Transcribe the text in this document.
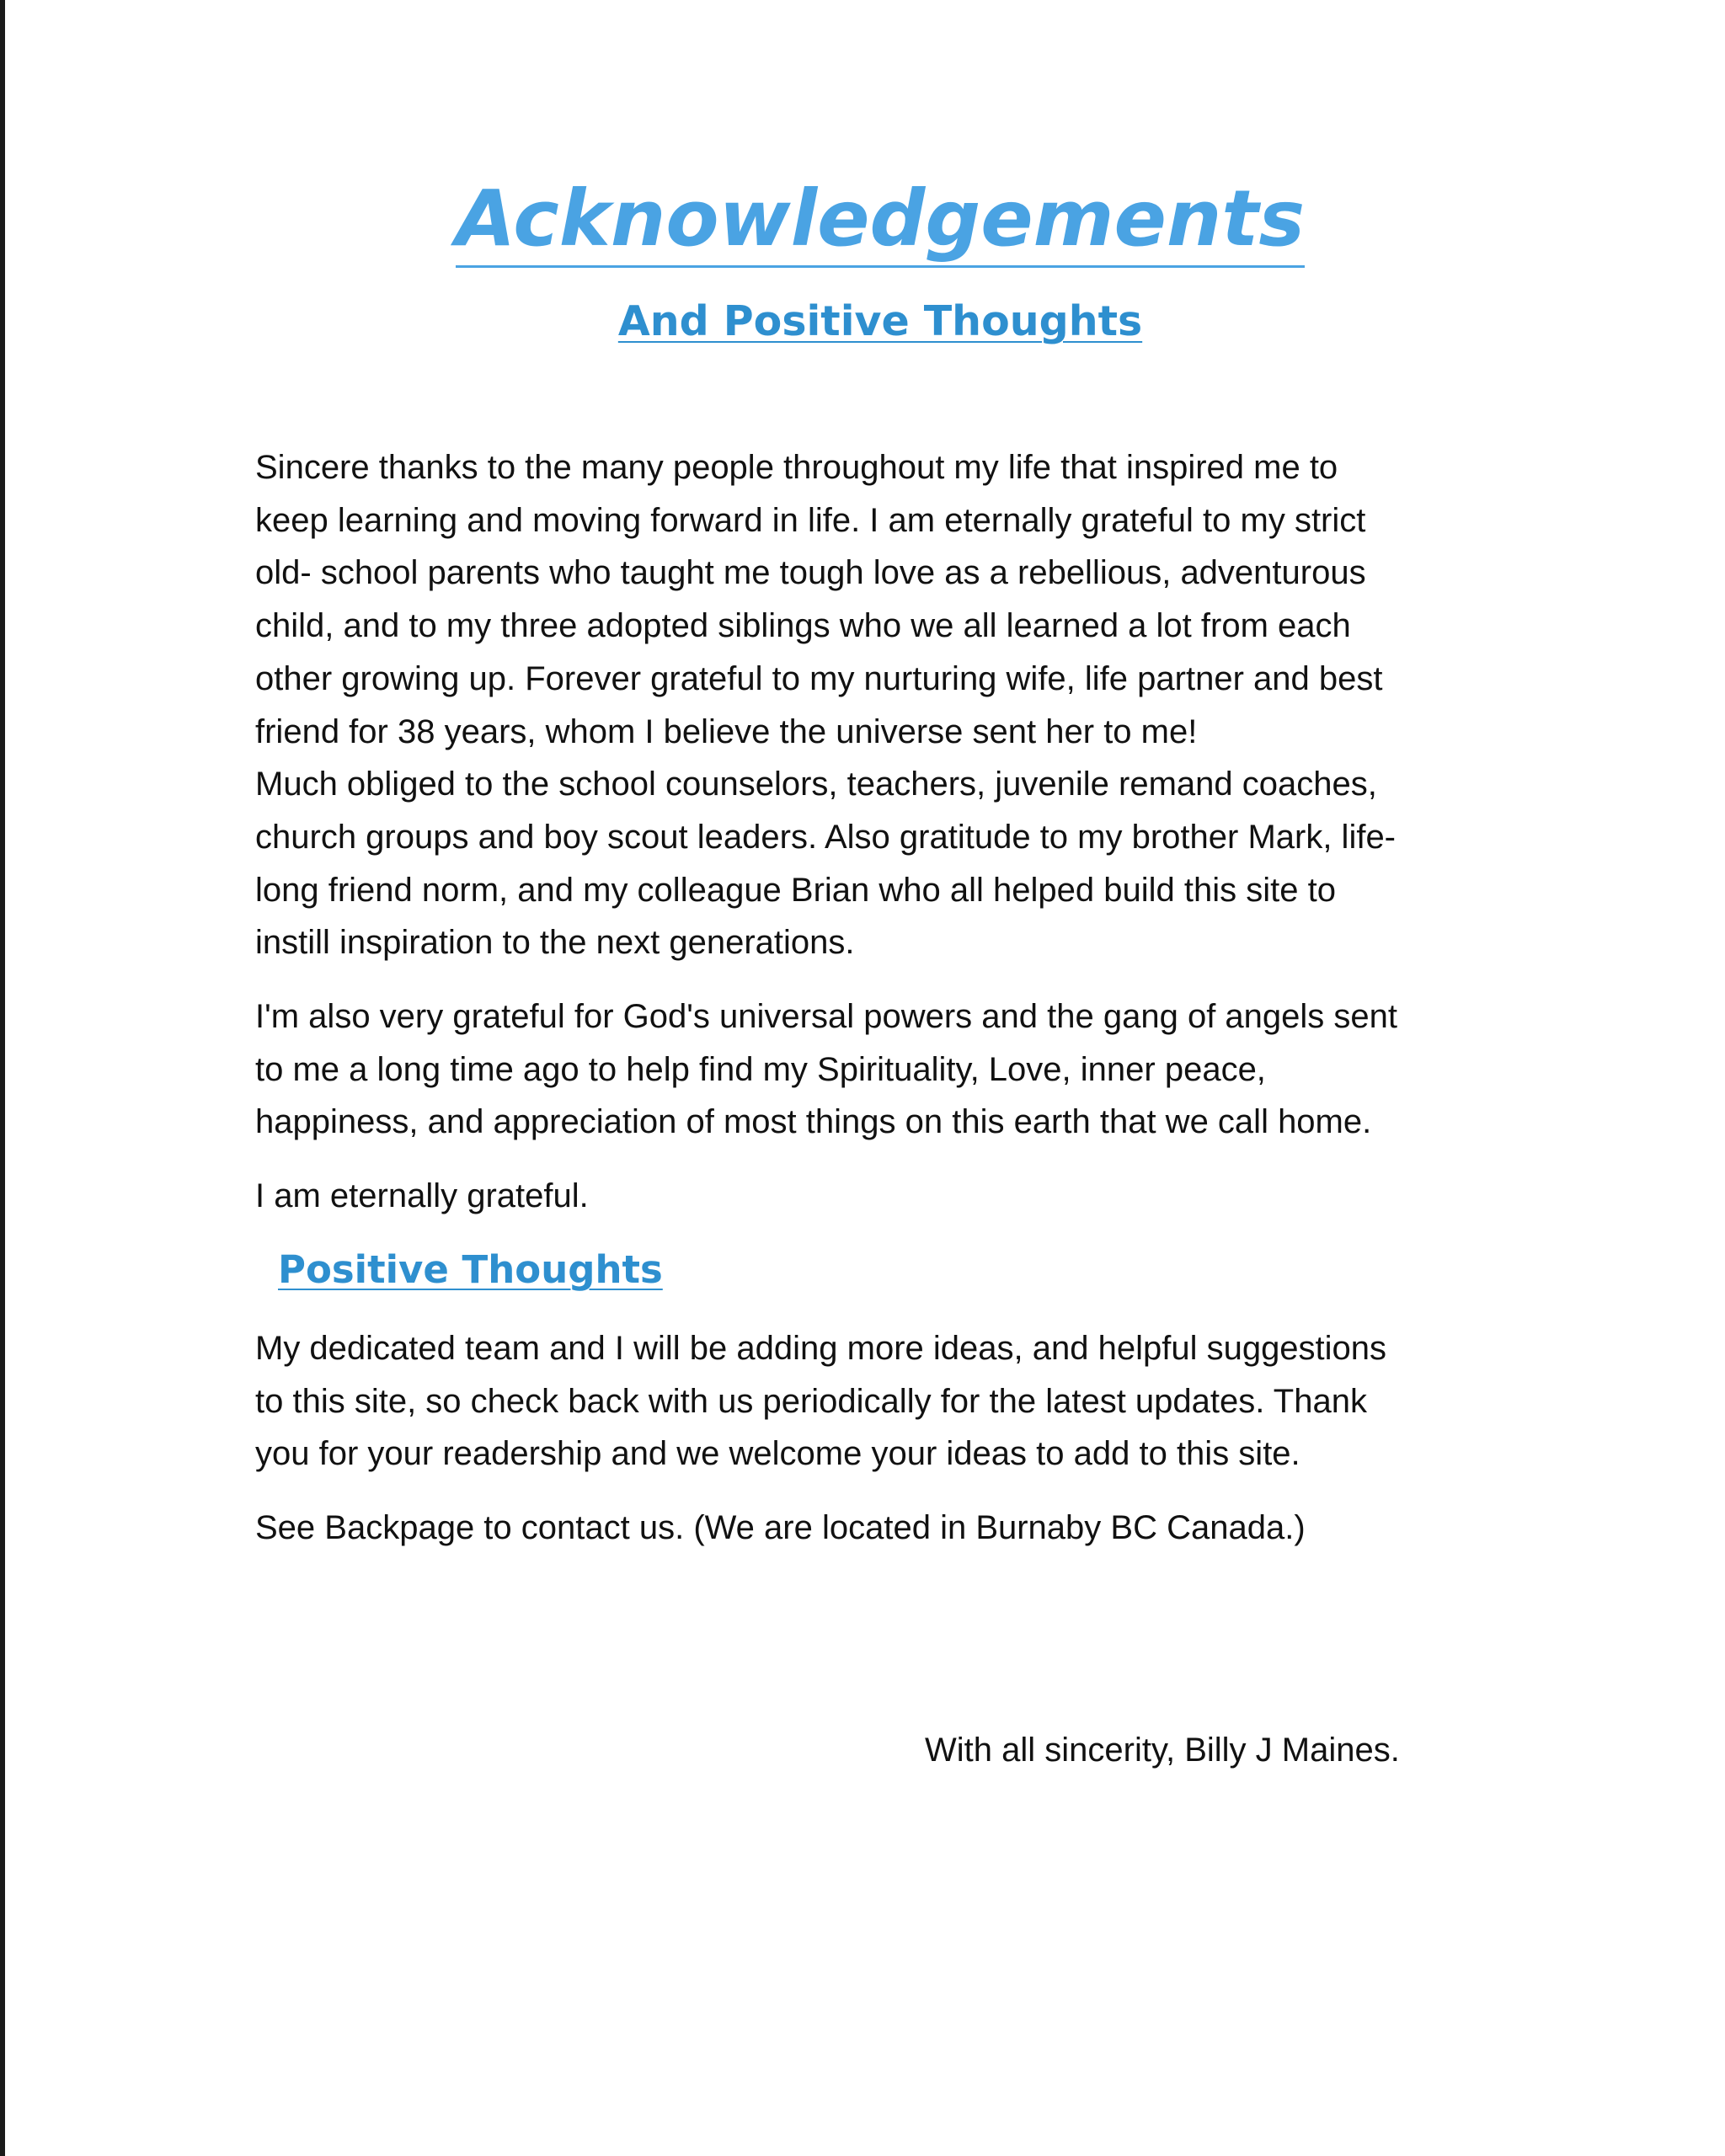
Acknowledgements
And Positive Thoughts

Sincere thanks to the many people throughout my life that inspired me to
keep learning and moving forward in life. I am eternally grateful to my strict
old- school parents who taught me tough love as a rebellious, adventurous
child, and to my three adopted siblings who we all learned a lot from each
other growing up. Forever grateful to my nurturing wife, life partner and best
friend for 38 years, whom I believe the universe sent her to me!
Much obliged to the school counselors, teachers, juvenile remand coaches,
church groups and boy scout leaders. Also gratitude to my brother Mark, life-
long friend norm, and my colleague Brian who all helped build this site to
instill inspiration to the next generations.

I'm also very grateful for God's universal powers and the gang of angels sent
to me a long time ago to help find my Spirituality, Love, inner peace,
happiness, and appreciation of most things on this earth that we call home.

I am eternally grateful.

Positive Thoughts

My dedicated team and I will be adding more ideas, and helpful suggestions
to this site, so check back with us periodically for the latest updates. Thank
you for your readership and we welcome your ideas to add to this site.

See Backpage to contact us. (We are located in Burnaby BC Canada.)

With all sincerity, Billy J Maines.
